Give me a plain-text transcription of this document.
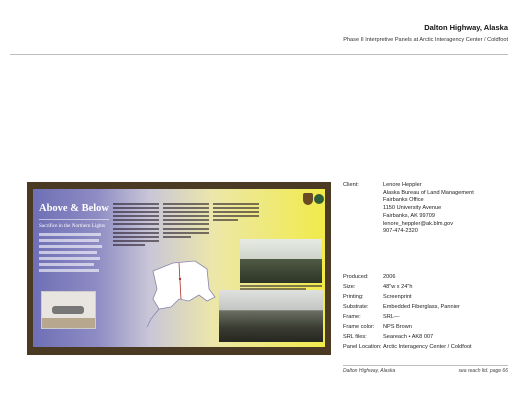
Dalton Highway, Alaska
Phase II Interpretive Panels at Arctic Interagency Center / Coldfoot
Above & Below
Sacrifice in the Northern Lights
Client:	Lenore Heppler
Alaska Bureau of Land Management
Fairbanks Office
1150 University Avenue
Fairbanks, AK 99709
lenore_heppler@ak.blm.gov
907-474-2320
Produced:	2006
Size:	48"w x 24"h
Printing:	Screenprint
Substrate:	Embedded Fiberglass, Pannier
Frame:	SRL—
Frame color:	NPS Brown
SRL files:	Seareach • AK8 007
Panel Location: Arctic Interagency Center / Coldfoot
Dalton Highway, Alaska	sea reach ltd. page 66
